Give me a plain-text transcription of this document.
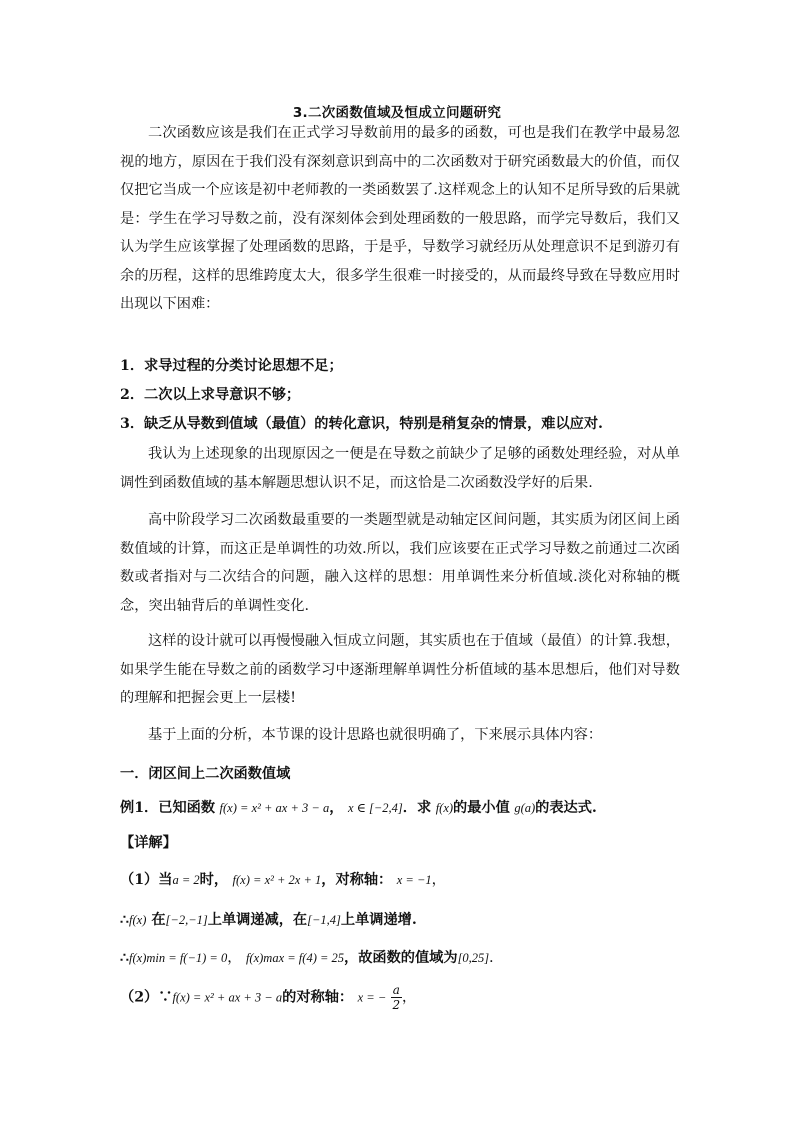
3.二次函数值域及恒成立问题研究
二次函数应该是我们在正式学习导数前用的最多的函数，可也是我们在教学中最易忽视的地方，原因在于我们没有深刻意识到高中的二次函数对于研究函数最大的价值，而仅仅把它当成一个应该是初中老师教的一类函数罢了.这样观念上的认知不足所导致的后果就是：学生在学习导数之前，没有深刻体会到处理函数的一般思路，而学完导数后，我们又认为学生应该掌握了处理函数的思路，于是乎，导数学习就经历从处理意识不足到游刃有余的历程，这样的思维跨度太大，很多学生很难一时接受的，从而最终导致在导数应用时出现以下困难：
1．求导过程的分类讨论思想不足；
2．二次以上求导意识不够；
3．缺乏从导数到值域（最值）的转化意识，特别是稍复杂的情景，难以应对.
我认为上述现象的出现原因之一便是在导数之前缺少了足够的函数处理经验，对从单调性到函数值域的基本解题思想认识不足，而这恰是二次函数没学好的后果.
高中阶段学习二次函数最重要的一类题型就是动轴定区间问题，其实质为闭区间上函数值域的计算，而这正是单调性的功效.所以，我们应该要在正式学习导数之前通过二次函数或者指对与二次结合的问题，融入这样的思想：用单调性来分析值域.淡化对称轴的概念，突出轴背后的单调性变化.
这样的设计就可以再慢慢融入恒成立问题，其实质也在于值域（最值）的计算.我想，如果学生能在导数之前的函数学习中逐渐理解单调性分析值域的基本思想后，他们对导数的理解和把握会更上一层楼!
基于上面的分析，本节课的设计思路也就很明确了，下来展示具体内容：
一．闭区间上二次函数值域
例1．已知函数 f(x) = x² + ax + 3 − a， x ∈ [−2,4]．求 f(x)的最小值 g(a)的表达式.
【详解】
（1）当a = 2时， f(x) = x² + 2x + 1，对称轴： x = −1，
∴f(x) 在[−2,−1]上单调递减，在[−1,4]上单调递增.
∴f(x)min = f(−1) = 0， f(x)max = f(4) = 25，故函数的值域为[0,25]．
（2）∵f(x) = x² + ax + 3 − a的对称轴： x = − $\frac{a}{2}$ ，
